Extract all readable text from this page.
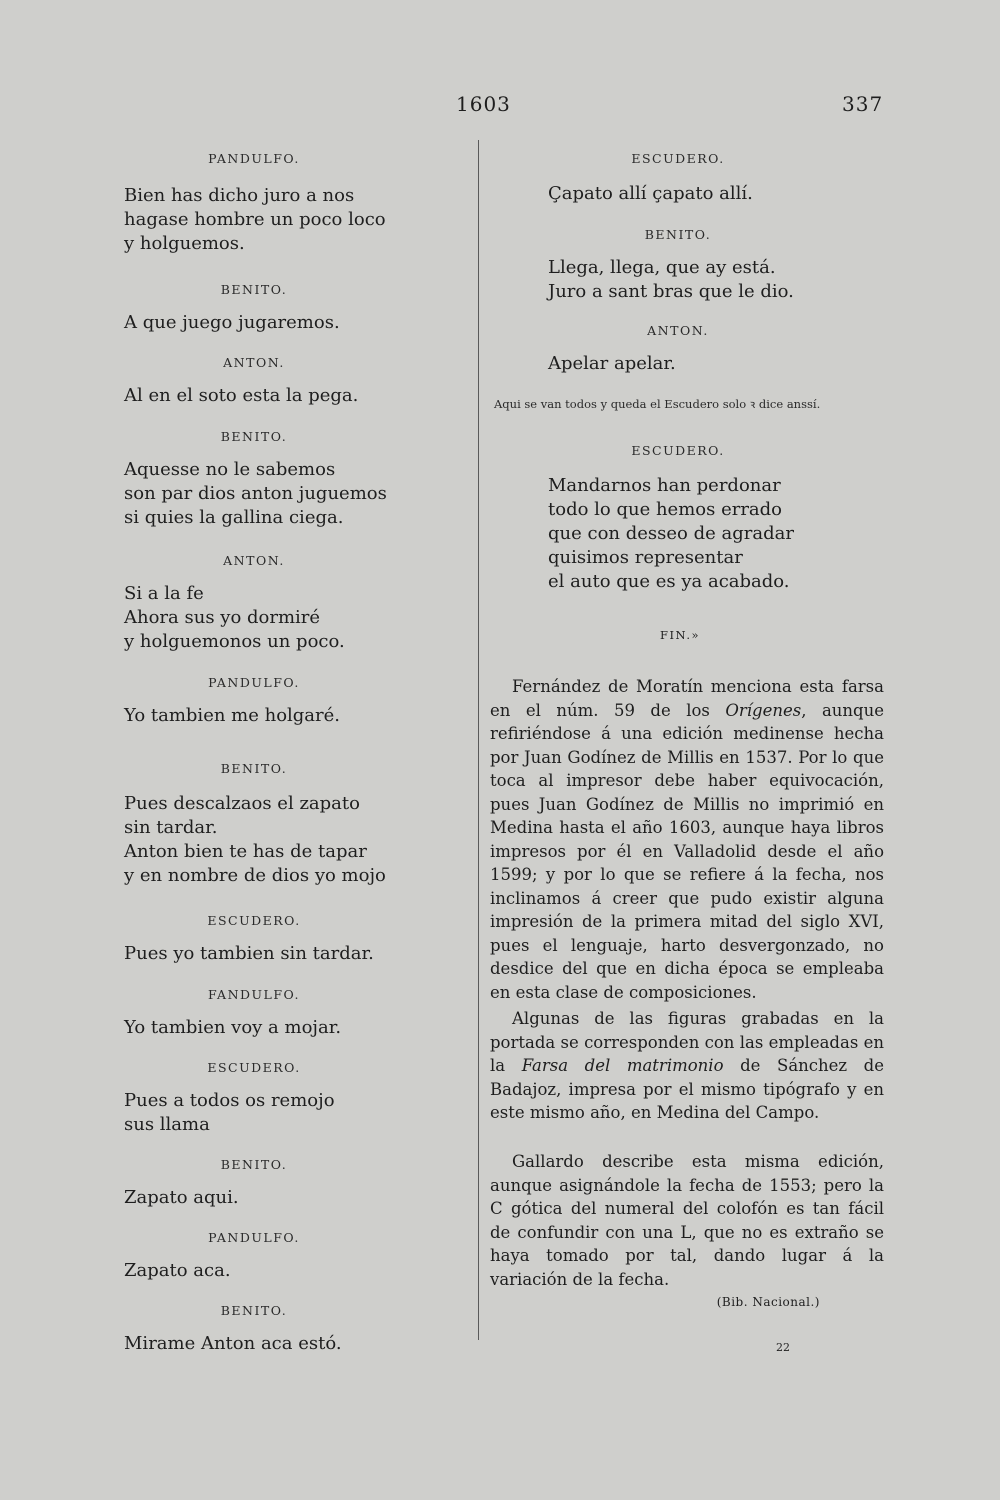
1603	337

PANDULFO.

Bien has dicho juro a nos

hagase hombre un poco loco

y holguemos.

BENITO.

A que juego jugaremos.

ANTON.

Al en el soto esta la pega.

BENITO.

Aquesse no le sabemos

son par dios anton juguemos

si quies la gallina ciega.

ANTON.

Si a la fe

Ahora sus yo dormiré

y holguemonos un poco.

PANDULFO.

Yo tambien me holgaré.

BENITO.

Pues descalzaos el zapato

sin tardar.

Anton bien te has de tapar

y en nombre de dios yo mojo

ESCUDERO.

Pues yo tambien sin tardar.

FANDULFO.

Yo tambien voy a mojar.

ESCUDERO.

Pues a todos os remojo

sus llama

BENITO.

Zapato aqui.

PANDULFO.

Zapato aca.

BENITO.

Mirame Anton aca estó.

ESCUDERO.

Çapato allí çapato allí.

BENITO.

Llega, llega, que ay está.

Juro a sant bras que le dio.

ANTON.

Apelar apelar.

Aqui se van todos y queda el Escudero solo ꝛ dice anssí.

ESCUDERO.

Mandarnos han perdonar

todo lo que hemos errado

que con desseo de agradar

quisimos representar

el auto que es ya acabado.

FIN.»

Fernández de Moratín menciona esta farsa en el núm. 59 de los Orígenes, aunque refiriéndose á una edición medinense hecha por Juan Godínez de Millis en 1537. Por lo que toca al impresor debe haber equivocación, pues Juan Godínez de Millis no imprimió en Medina hasta el año 1603, aunque haya libros impresos por él en Valladolid desde el año 1599; y por lo que se refiere á la fecha, nos inclinamos á creer que pudo existir alguna impresión de la primera mitad del siglo XVI, pues el lenguaje, harto desvergonzado, no desdice del que en dicha época se empleaba en esta clase de composiciones.

Algunas de las figuras grabadas en la portada se corresponden con las empleadas en la Farsa del matrimonio de Sánchez de Badajoz, impresa por el mismo tipógrafo y en este mismo año, en Medina del Campo.

Gallardo describe esta misma edición, aunque asignándole la fecha de 1553; pero la C gótica del numeral del colofón es tan fácil de confundir con una L, que no es extraño se haya tomado por tal, dando lugar á la variación de la fecha.

(Bib. Nacional.)

22
